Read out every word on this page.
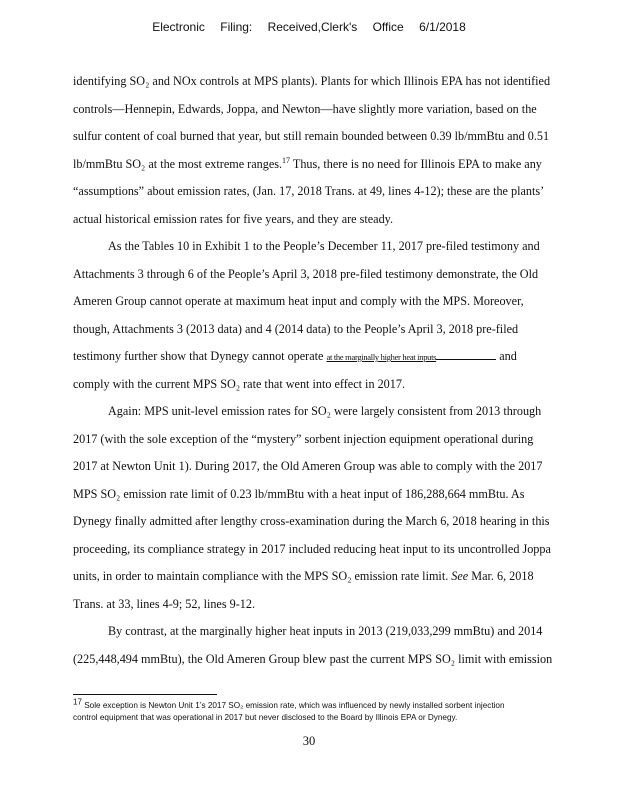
Electronic Filing: Received,Clerk's Office 6/1/2018
identifying SO₂ and NOx controls at MPS plants). Plants for which Illinois EPA has not identified
controls—Hennepin, Edwards, Joppa, and Newton—have slightly more variation, based on the
sulfur content of coal burned that year, but still remain bounded between 0.39 lb/mmBtu and 0.51
lb/mmBtu SO₂ at the most extreme ranges.$^{17}$ Thus, there is no need for Illinois EPA to make any
“assumptions” about emission rates, (Jan. 17, 2018 Trans. at 49, lines 4-12); these are the plants’
actual historical emission rates for five years, and they are steady.
As the Tables 10 in Exhibit 1 to the People’s December 11, 2017 pre-filed testimony and
Attachments 3 through 6 of the People’s April 3, 2018 pre-filed testimony demonstrate, the Old
Ameren Group cannot operate at maximum heat input and comply with the MPS. Moreover,
though, Attachments 3 (2013 data) and 4 (2014 data) to the People’s April 3, 2018 pre-filed
testimony further show that Dynegy cannot operate at the marginally higher heat inputs	and
comply with the current MPS SO₂ rate that went into effect in 2017.
Again: MPS unit-level emission rates for SO₂ were largely consistent from 2013 through
2017 (with the sole exception of the “mystery” sorbent injection equipment operational during
2017 at Newton Unit 1). During 2017, the Old Ameren Group was able to comply with the 2017
MPS SO₂ emission rate limit of 0.23 lb/mmBtu with a heat input of 186,288,664 mmBtu. As
Dynegy finally admitted after lengthy cross-examination during the March 6, 2018 hearing in this
proceeding, its compliance strategy in 2017 included reducing heat input to its uncontrolled Joppa
units, in order to maintain compliance with the MPS SO₂ emission rate limit. See Mar. 6, 2018
Trans. at 33, lines 4-9; 52, lines 9-12.
By contrast, at the marginally higher heat inputs in 2013 (219,033,299 mmBtu) and 2014
(225,448,494 mmBtu), the Old Ameren Group blew past the current MPS SO₂ limit with emission
17 Sole exception is Newton Unit 1’s 2017 SO₂ emission rate, which was influenced by newly installed sorbent injection
control equipment that was operational in 2017 but never disclosed to the Board by Illinois EPA or Dynegy.
30
